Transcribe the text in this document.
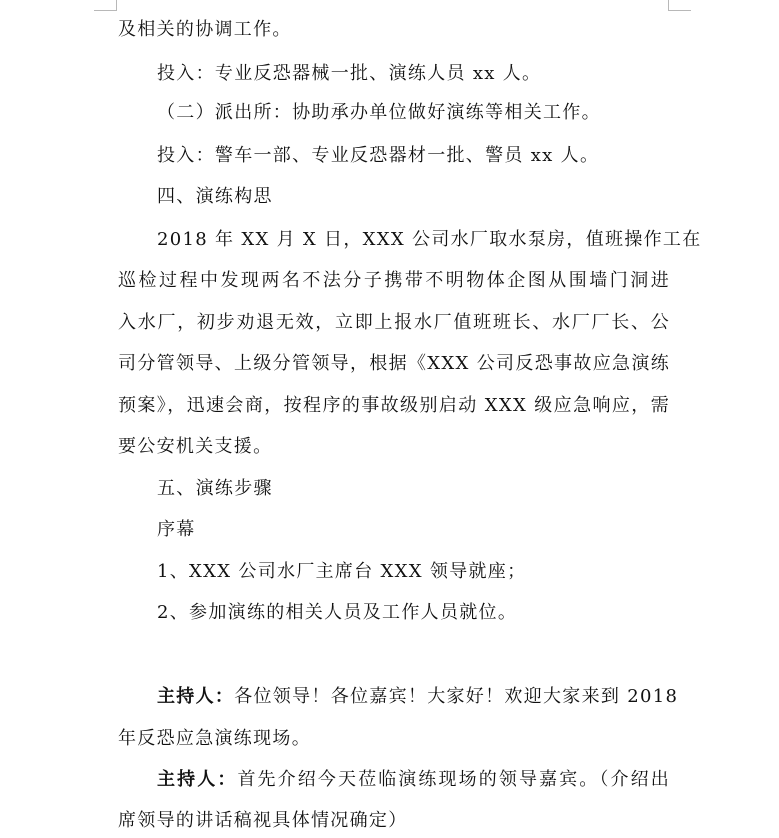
及相关的协调工作。
投入：专业反恐器械一批、演练人员 xx 人。
（二）派出所：协助承办单位做好演练等相关工作。
投入：警车一部、专业反恐器材一批、警员 xx 人。
四、演练构思
2018 年 XX 月 X 日，XXX 公司水厂取水泵房，值班操作工在
巡检过程中发现两名不法分子携带不明物体企图从围墙门洞进
入水厂，初步劝退无效，立即上报水厂值班班长、水厂厂长、公
司分管领导、上级分管领导，根据《XXX 公司反恐事故应急演练
预案》，迅速会商，按程序的事故级别启动 XXX 级应急响应，需
要公安机关支援。
五、演练步骤
序幕
1、XXX 公司水厂主席台 XXX 领导就座；
2、参加演练的相关人员及工作人员就位。
主持人：各位领导！各位嘉宾！大家好！欢迎大家来到 2018
年反恐应急演练现场。
主持人：首先介绍今天莅临演练现场的领导嘉宾。（介绍出
席领导的讲话稿视具体情况确定）
